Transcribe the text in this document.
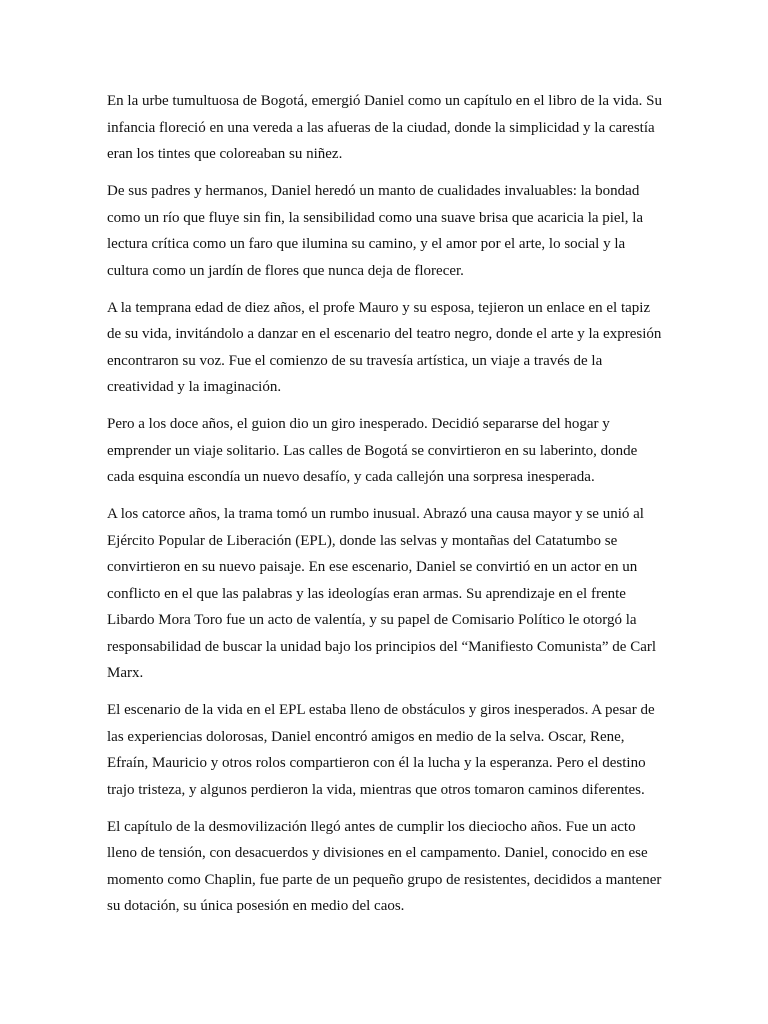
En la urbe tumultuosa de Bogotá, emergió Daniel como un capítulo en el libro de la vida. Su infancia floreció en una vereda a las afueras de la ciudad, donde la simplicidad y la carestía eran los tintes que coloreaban su niñez.

De sus padres y hermanos, Daniel heredó un manto de cualidades invaluables: la bondad como un río que fluye sin fin, la sensibilidad como una suave brisa que acaricia la piel, la lectura crítica como un faro que ilumina su camino, y el amor por el arte, lo social y la cultura como un jardín de flores que nunca deja de florecer.

A la temprana edad de diez años, el profe Mauro y su esposa, tejieron un enlace en el tapiz de su vida, invitándolo a danzar en el escenario del teatro negro, donde el arte y la expresión encontraron su voz. Fue el comienzo de su travesía artística, un viaje a través de la creatividad y la imaginación.

Pero a los doce años, el guion dio un giro inesperado. Decidió separarse del hogar y emprender un viaje solitario. Las calles de Bogotá se convirtieron en su laberinto, donde cada esquina escondía un nuevo desafío, y cada callejón una sorpresa inesperada.

A los catorce años, la trama tomó un rumbo inusual. Abrazó una causa mayor y se unió al Ejército Popular de Liberación (EPL), donde las selvas y montañas del Catatumbo se convirtieron en su nuevo paisaje. En ese escenario, Daniel se convirtió en un actor en un conflicto en el que las palabras y las ideologías eran armas. Su aprendizaje en el frente Libardo Mora Toro fue un acto de valentía, y su papel de Comisario Político le otorgó la responsabilidad de buscar la unidad bajo los principios del “Manifiesto Comunista” de Carl Marx.

El escenario de la vida en el EPL estaba lleno de obstáculos y giros inesperados. A pesar de las experiencias dolorosas, Daniel encontró amigos en medio de la selva. Oscar, Rene, Efraín, Mauricio y otros rolos compartieron con él la lucha y la esperanza. Pero el destino trajo tristeza, y algunos perdieron la vida, mientras que otros tomaron caminos diferentes.

El capítulo de la desmovilización llegó antes de cumplir los dieciocho años. Fue un acto lleno de tensión, con desacuerdos y divisiones en el campamento. Daniel, conocido en ese momento como Chaplin, fue parte de un pequeño grupo de resistentes, decididos a mantener su dotación, su única posesión en medio del caos.
